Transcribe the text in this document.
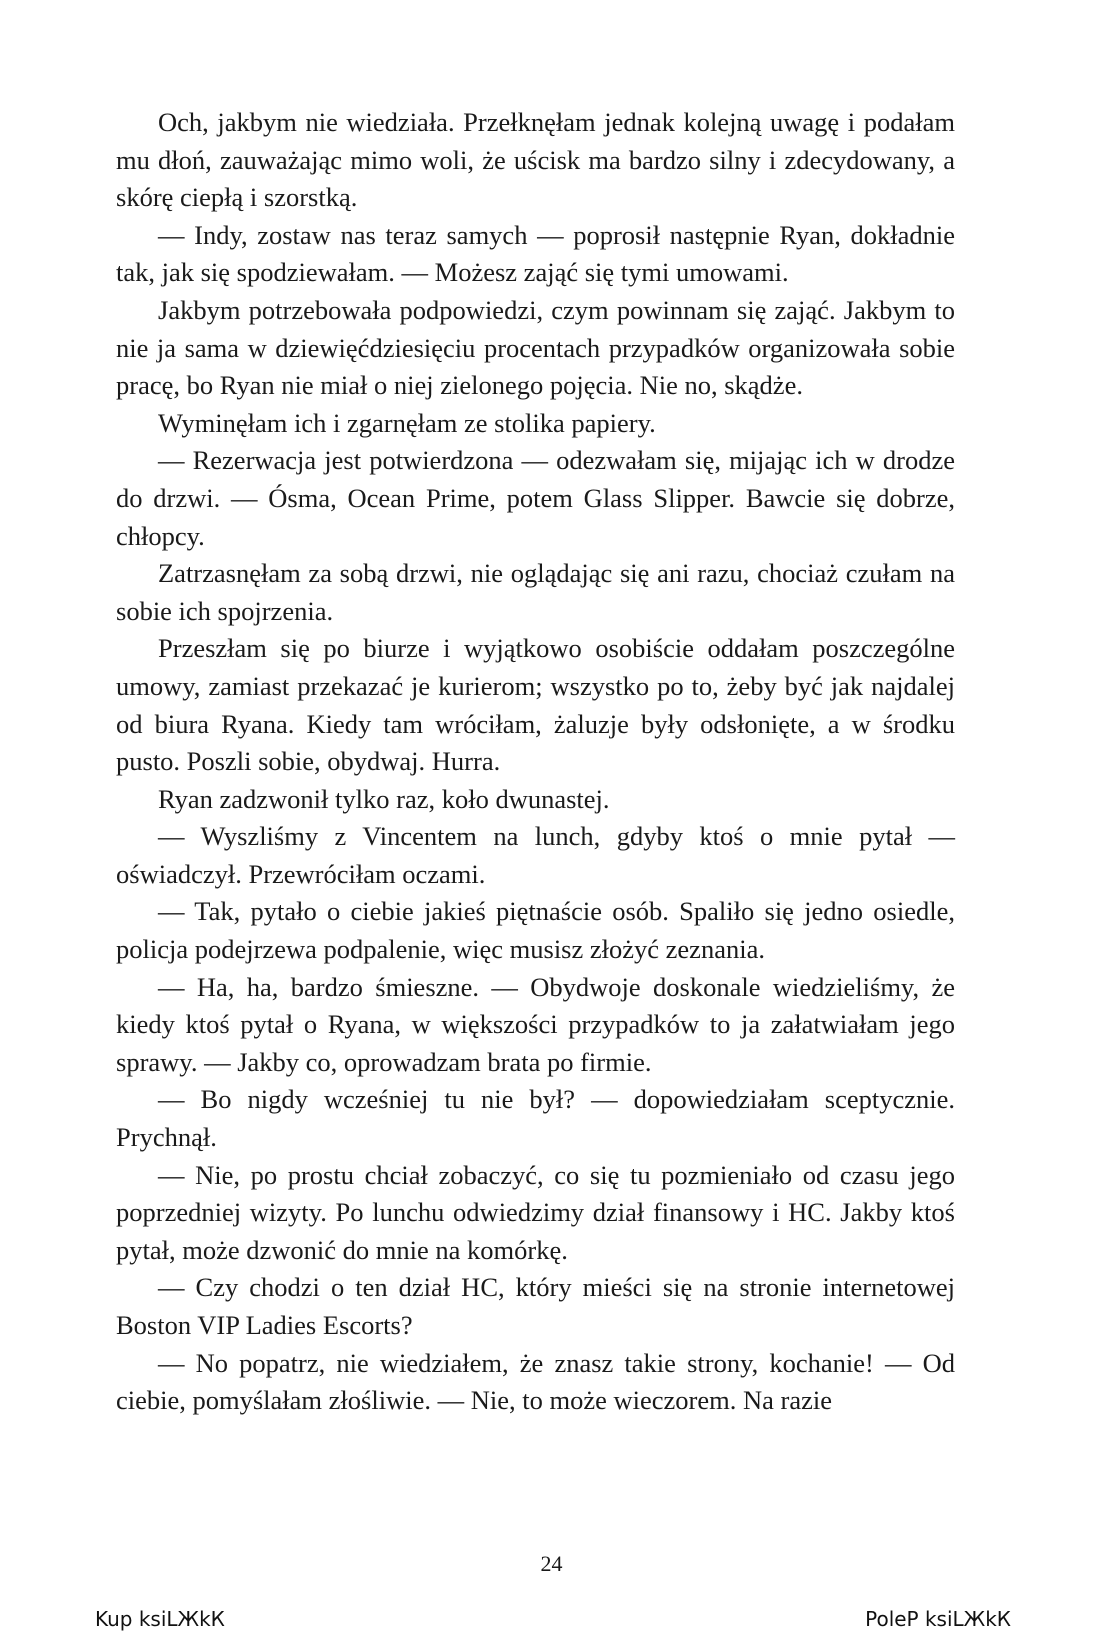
Och, jakbym nie wiedziała. Przełknęłam jednak kolejną uwagę i podałam mu dłoń, zauważając mimo woli, że uścisk ma bardzo silny i zdecydowany, a skórę ciepłą i szorstką.

— Indy, zostaw nas teraz samych — poprosił następnie Ryan, dokładnie tak, jak się spodziewałam. — Możesz zająć się tymi umowami.

Jakbym potrzebowała podpowiedzi, czym powinnam się zająć. Jakbym to nie ja sama w dziewięćdziesięciu procentach przypadków organizowała sobie pracę, bo Ryan nie miał o niej zielonego pojęcia. Nie no, skądże.

Wyminęłam ich i zgarnęłam ze stolika papiery.

— Rezerwacja jest potwierdzona — odezwałam się, mijając ich w drodze do drzwi. — Ósma, Ocean Prime, potem Glass Slipper. Bawcie się dobrze, chłopcy.

Zatrzasnęłam za sobą drzwi, nie oglądając się ani razu, chociaż czułam na sobie ich spojrzenia.

Przeszłam się po biurze i wyjątkowo osobiście oddałam poszczególne umowy, zamiast przekazać je kurierom; wszystko po to, żeby być jak najdalej od biura Ryana. Kiedy tam wróciłam, żaluzje były odsłonięte, a w środku pusto. Poszli sobie, obydwaj. Hurra.

Ryan zadzwonił tylko raz, koło dwunastej.

— Wyszliśmy z Vincentem na lunch, gdyby ktoś o mnie pytał — oświadczył. Przewróciłam oczami.

— Tak, pytało o ciebie jakieś piętnaście osób. Spaliło się jedno osiedle, policja podejrzewa podpalenie, więc musisz złożyć zeznania.

— Ha, ha, bardzo śmieszne. — Obydwoje doskonale wiedzieliśmy, że kiedy ktoś pytał o Ryana, w większości przypadków to ja załatwiałam jego sprawy. — Jakby co, oprowadzam brata po firmie.

— Bo nigdy wcześniej tu nie był? — dopowiedziałam sceptycznie. Prychnął.

— Nie, po prostu chciał zobaczyć, co się tu pozmieniało od czasu jego poprzedniej wizyty. Po lunchu odwiedzimy dział finansowy i HC. Jakby ktoś pytał, może dzwonić do mnie na komórkę.

— Czy chodzi o ten dział HC, który mieści się na stronie internetowej Boston VIP Ladies Escorts?

— No popatrz, nie wiedziałem, że znasz takie strony, kochanie! — Od ciebie, pomyślałam złośliwie. — Nie, to może wieczorem. Na razie

24
Kup ksiLЖkК	PoleР ksiLЖkК
